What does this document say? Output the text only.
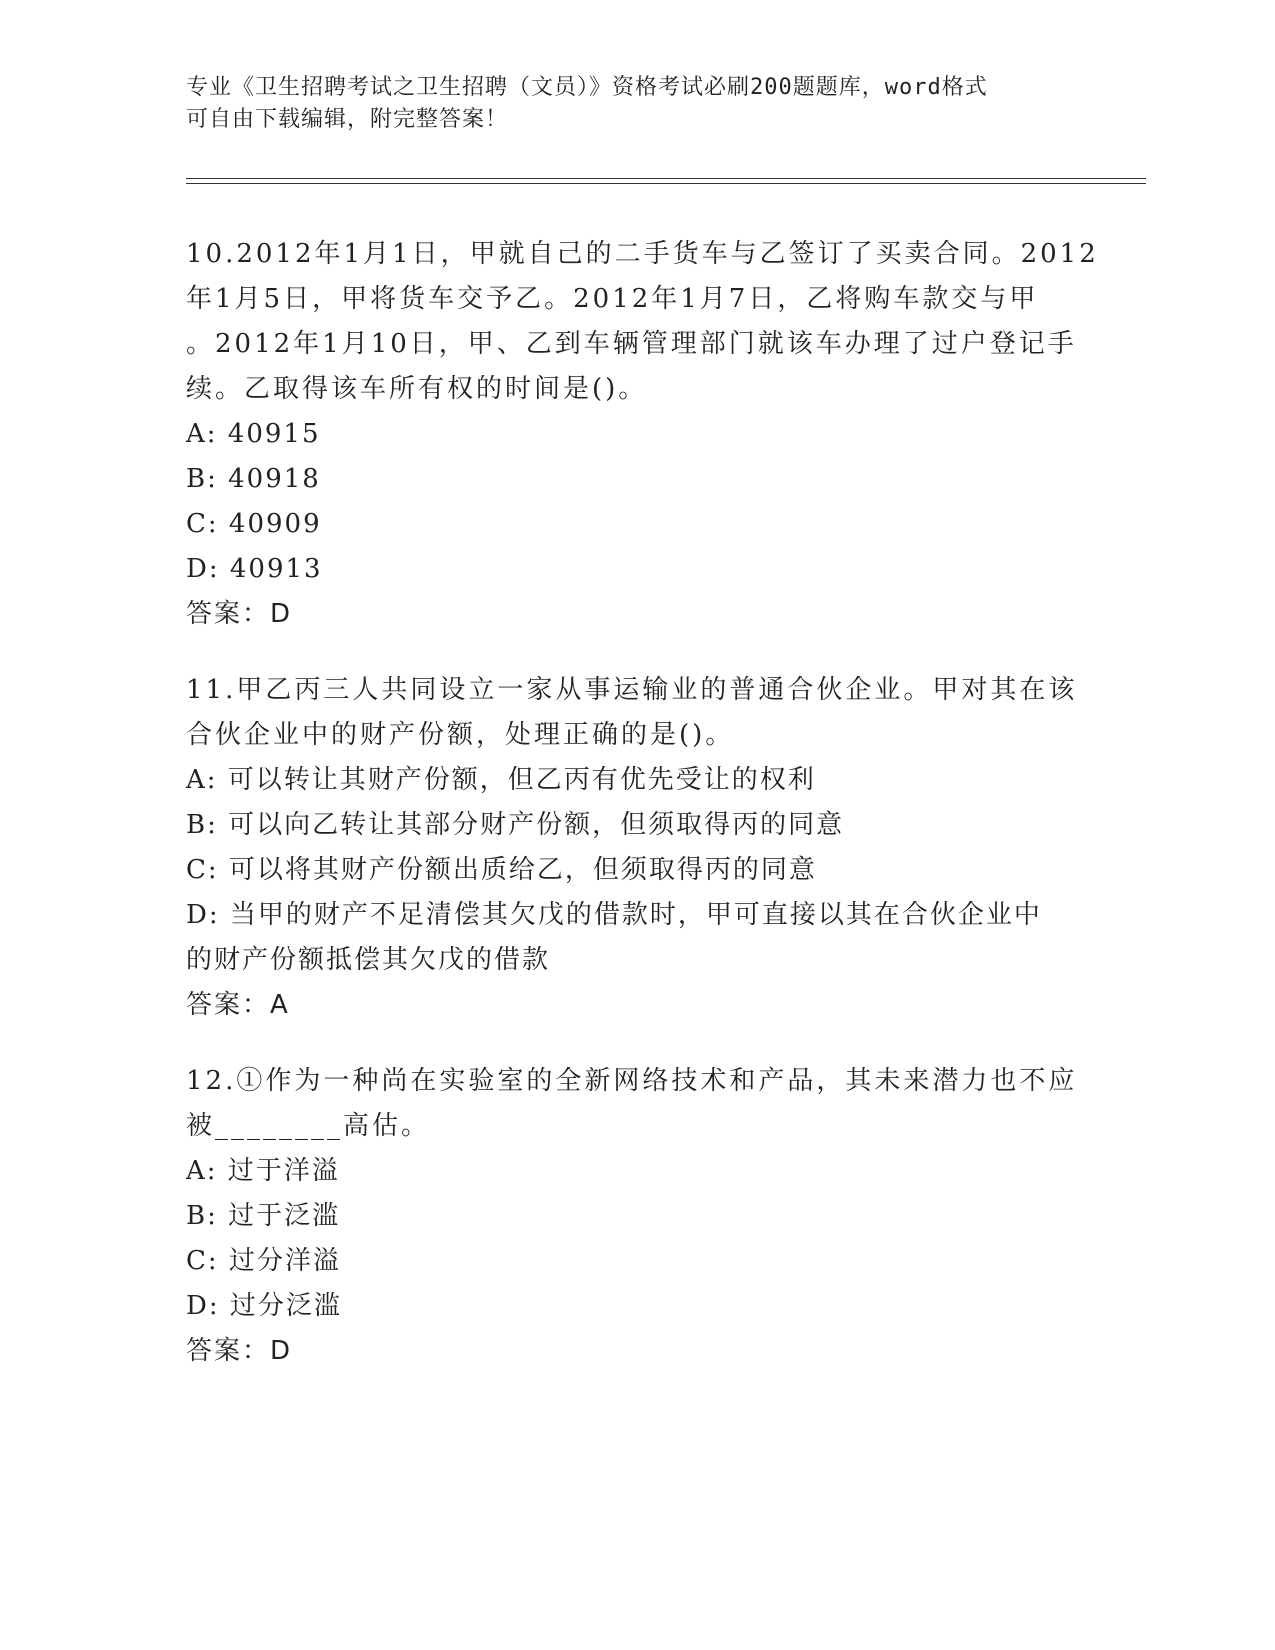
专业《卫生招聘考试之卫生招聘（文员）》资格考试必刷200题题库，word格式
可自由下载编辑，附完整答案！
10.2012年1月1日，甲就自己的二手货车与乙签订了买卖合同。2012
年1月5日，甲将货车交予乙。2012年1月7日，乙将购车款交与甲
。2012年1月10日，甲、乙到车辆管理部门就该车办理了过户登记手
续。乙取得该车所有权的时间是()。
A: 40915
B: 40918
C: 40909
D: 40913
答案：D
11.甲乙丙三人共同设立一家从事运输业的普通合伙企业。甲对其在该
合伙企业中的财产份额，处理正确的是()。
A: 可以转让其财产份额，但乙丙有优先受让的权利
B: 可以向乙转让其部分财产份额，但须取得丙的同意
C: 可以将其财产份额出质给乙，但须取得丙的同意
D: 当甲的财产不足清偿其欠戊的借款时，甲可直接以其在合伙企业中
的财产份额抵偿其欠戊的借款
答案：A
12.①作为一种尚在实验室的全新网络技术和产品，其未来潜力也不应
被________高估。
A: 过于洋溢
B: 过于泛滥
C: 过分洋溢
D: 过分泛滥
答案：D
